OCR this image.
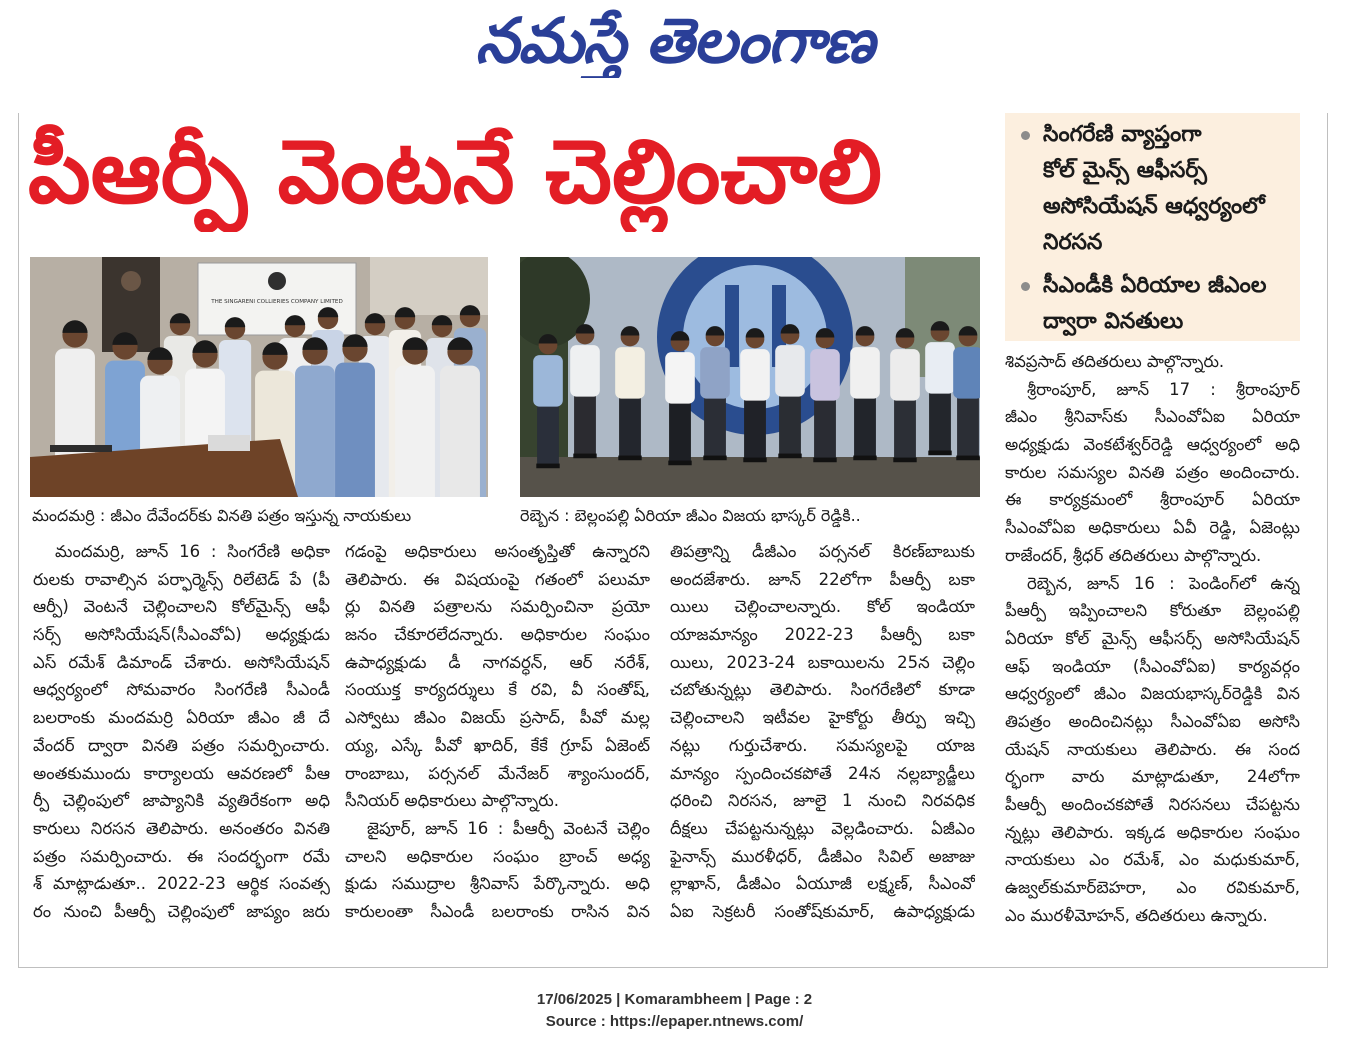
నమస్తే తెలంగాణ
పీఆర్పీ వెంటనే చెల్లించాలి	సింగరేణి వ్యాప్తంగా
కోల్ మైన్స్ ఆఫీసర్స్
అసోసియేషన్ ఆధ్వర్యంలో
నిరసన
సీఎండీకి ఏరియాల జీఎంల
ద్వారా వినతులు
THE SINGARENI COLLIERIES COMPANY LIMITED
మందమర్రి : జీఎం దేవేందర్‌కు వినతి పత్రం ఇస్తున్న నాయకులు	రెబ్బెన : బెల్లంపల్లి ఏరియా జీఎం విజయ భాస్కర్ రెడ్డికి..
మందమర్రి, జూన్ 16 : సింగరేణి అధికా
రులకు రావాల్సిన పర్ఫార్మెన్స్ రిలేటెడ్ పే (పీ
ఆర్పీ) వెంటనే చెల్లించాలని కోల్‌మైన్స్ ఆఫీ
సర్స్ అసోసియేషన్(సీఎంవోఏ) అధ్యక్షుడు
ఎస్ రమేశ్ డిమాండ్ చేశారు. అసోసియేషన్
ఆధ్వర్యంలో సోమవారం సింగరేణి సీఎండీ
బలరాంకు మందమర్రి ఏరియా జీఎం జీ దే
వేందర్ ద్వారా వినతి పత్రం సమర్పించారు.
అంతకుముందు కార్యాలయ ఆవరణలో పీఆ
ర్పీ చెల్లింపులో జాప్యానికి వ్యతిరేకంగా అధి
కారులు నిరసన తెలిపారు. అనంతరం వినతి
పత్రం సమర్పించారు. ఈ సందర్భంగా రమే
శ్ మాట్లాడుతూ.. 2022-23 ఆర్థిక సంవత్స
రం నుంచి పీఆర్పీ చెల్లింపులో జాప్యం జరు
గడంపై అధికారులు అసంతృప్తితో ఉన్నారని
తెలిపారు. ఈ విషయంపై గతంలో పలుమా
ర్లు వినతి పత్రాలను సమర్పించినా ప్రయో
జనం చేకూరలేదన్నారు. అధికారుల సంఘం
ఉపాధ్యక్షుడు డీ నాగవర్ధన్, ఆర్ నరేశ్,
సంయుక్త కార్యదర్శులు కే రవి, వీ సంతోష్,
ఎస్వోటు జీఎం విజయ్ ప్రసాద్, పీవో మల్ల
య్య, ఎస్కే పీవో ఖాదిర్, కేకే గ్రూప్ ఏజెంట్
రాంబాబు, పర్సనల్ మేనేజర్ శ్యాంసుందర్,
సీనియర్ అధికారులు పాల్గొన్నారు.
జైపూర్, జూన్ 16 : పీఆర్పీ వెంటనే చెల్లిం
చాలని అధికారుల సంఘం బ్రాంచ్ అధ్య
క్షుడు సముద్రాల శ్రీనివాస్ పేర్కొన్నారు. అధి
కారులంతా సీఎండీ బలరాంకు రాసిన విన
తిపత్రాన్ని డీజీఎం పర్సనల్ కిరణ్‌బాబుకు
అందజేశారు. జూన్ 22లోగా పీఆర్పీ బకా
యిలు చెల్లించాలన్నారు. కోల్ ఇండియా
యాజమాన్యం 2022-23 పీఆర్పీ బకా
యిలు, 2023-24 బకాయిలను 25న చెల్లిం
చబోతున్నట్లు తెలిపారు. సింగరేణిలో కూడా
చెల్లించాలని ఇటీవల హైకోర్టు తీర్పు ఇచ్చి
నట్లు గుర్తుచేశారు. సమస్యలపై యాజ
మాన్యం స్పందించకపోతే 24న నల్లబ్యాడ్జీలు
ధరించి నిరసన, జూలై 1 నుంచి నిరవధిక
దీక్షలు చేపట్టనున్నట్లు వెల్లడించారు. ఏజీఎం
ఫైనాన్స్ మురళీధర్, డీజీఎం సివిల్ అజాజు
ల్లాఖాన్, డీజీఎం ఏయూజీ లక్ష్మణ్, సీఎంవో
ఏఐ సెక్రటరీ సంతోష్‌కుమార్, ఉపాధ్యక్షుడు
శివప్రసాద్ తదితరులు పాల్గొన్నారు.
శ్రీరాంపూర్, జూన్ 17 : శ్రీరాంపూర్
జీఎం శ్రీనివాస్‌కు సీఎంవోఏఐ ఏరియా
అధ్యక్షుడు వెంకటేశ్వర్‌రెడ్డి ఆధ్వర్యంలో అధి
కారుల సమస్యల వినతి పత్రం అందించారు.
ఈ కార్యక్రమంలో శ్రీరాంపూర్ ఏరియా
సీఎంవోఏఐ అధికారులు ఏవీ రెడ్డి, ఏజెంట్లు
రాజేందర్, శ్రీధర్ తదితరులు పాల్గొన్నారు.
రెబ్బెన, జూన్ 16 : పెండింగ్‌లో ఉన్న
పీఆర్పీ ఇప్పించాలని కోరుతూ బెల్లంపల్లి
ఏరియా కోల్ మైన్స్ ఆఫీసర్స్ అసోసియేషన్
ఆఫ్ ఇండియా (సీఎంవోఏఐ) కార్యవర్గం
ఆధ్వర్యంలో జీఎం విజయభాస్కర్‌రెడ్డికి విన
తిపత్రం అందించినట్లు సీఎంవోఏఐ అసోసి
యేషన్ నాయకులు తెలిపారు. ఈ సంద
ర్భంగా వారు మాట్లాడుతూ, 24లోగా
పీఆర్పీ అందించకపోతే నిరసనలు చేపట్టను
న్నట్లు తెలిపారు. ఇక్కడ అధికారుల సంఘం
నాయకులు ఎం రమేశ్, ఎం మధుకుమార్,
ఉజ్వల్‌కుమార్‌బెహరా, ఎం రవికుమార్,
ఎం మురళీమోహన్, తదితరులు ఉన్నారు.
17/06/2025 | Komarambheem | Page : 2
Source : https://epaper.ntnews.com/
